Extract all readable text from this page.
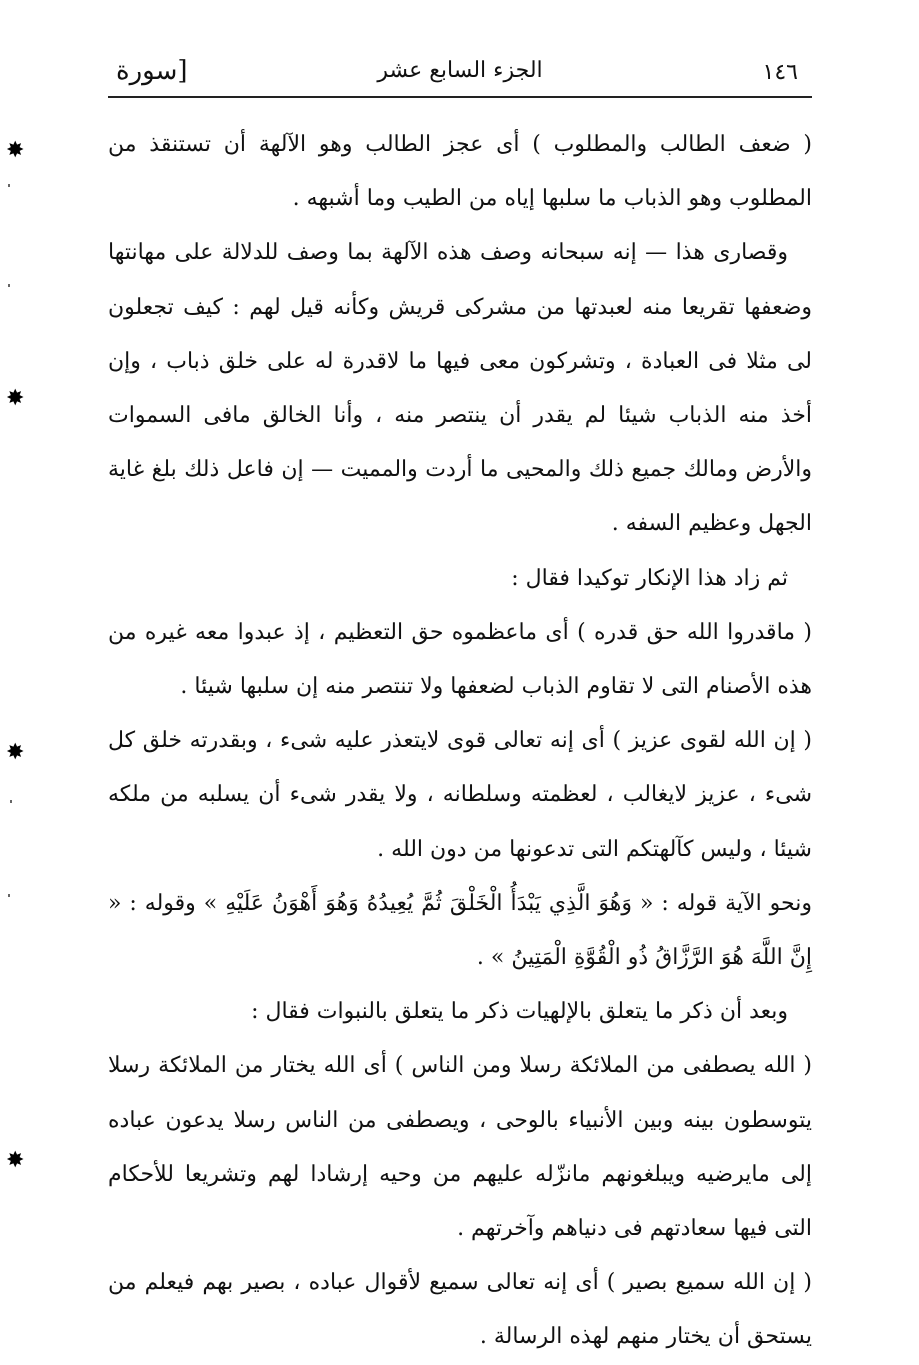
١٤٦
الجزء السابع عشر
[سورة

( ضعف الطالب والمطلوب ) أى عجز الطالب وهو الآلهة أن تستنقذ من المطلوب وهو الذباب ما سلبها إياه من الطيب وما أشبهه .

وقصارى هذا — إنه سبحانه وصف هذه الآلهة بما وصف للدلالة على مهانتها وضعفها تقريعا منه لعبدتها من مشركى قريش وكأنه قيل لهم : كيف تجعلون لى مثلا فى العبادة ، وتشركون معى فيها ما لاقدرة له على خلق ذباب ، وإن أخذ منه الذباب شيئا لم يقدر أن ينتصر منه ، وأنا الخالق مافى السموات والأرض ومالك جميع ذلك والمحيى ما أردت والمميت — إن فاعل ذلك بلغ غاية الجهل وعظيم السفه .

ثم زاد هذا الإنكار توكيدا فقال :

( ماقدروا الله حق قدره ) أى ماعظموه حق التعظيم ، إذ عبدوا معه غيره من هذه الأصنام التى لا تقاوم الذباب لضعفها ولا تنتصر منه إن سلبها شيئا .

( إن الله لقوى عزيز ) أى إنه تعالى قوى لايتعذر عليه شىء ، وبقدرته خلق كل شىء ، عزيز لايغالب ، لعظمته وسلطانه ، ولا يقدر شىء أن يسلبه من ملكه شيئا ، وليس كآلهتكم التى تدعونها من دون الله .

ونحو الآية قوله : « وَهُوَ الَّذِي يَبْدَأُ الْخَلْقَ ثُمَّ يُعِيدُهُ وَهُوَ أَهْوَنُ عَلَيْهِ » وقوله : « إِنَّ اللَّهَ هُوَ الرَّزَّاقُ ذُو الْقُوَّةِ الْمَتِينُ » .

وبعد أن ذكر ما يتعلق بالإلهيات ذكر ما يتعلق بالنبوات فقال :

( الله يصطفى من الملائكة رسلا ومن الناس ) أى الله يختار من الملائكة رسلا يتوسطون بينه وبين الأنبياء بالوحى ، ويصطفى من الناس رسلا يدعون عباده إلى مايرضيه ويبلغونهم مانزّله عليهم من وحيه إرشادا لهم وتشريعا للأحكام التى فيها سعادتهم فى دنياهم وآخرتهم .

( إن الله سميع بصير ) أى إنه تعالى سميع لأقوال عباده ، بصير بهم فيعلم من يستحق أن يختار منهم لهذه الرسالة .

✸
✸
✸
✸
